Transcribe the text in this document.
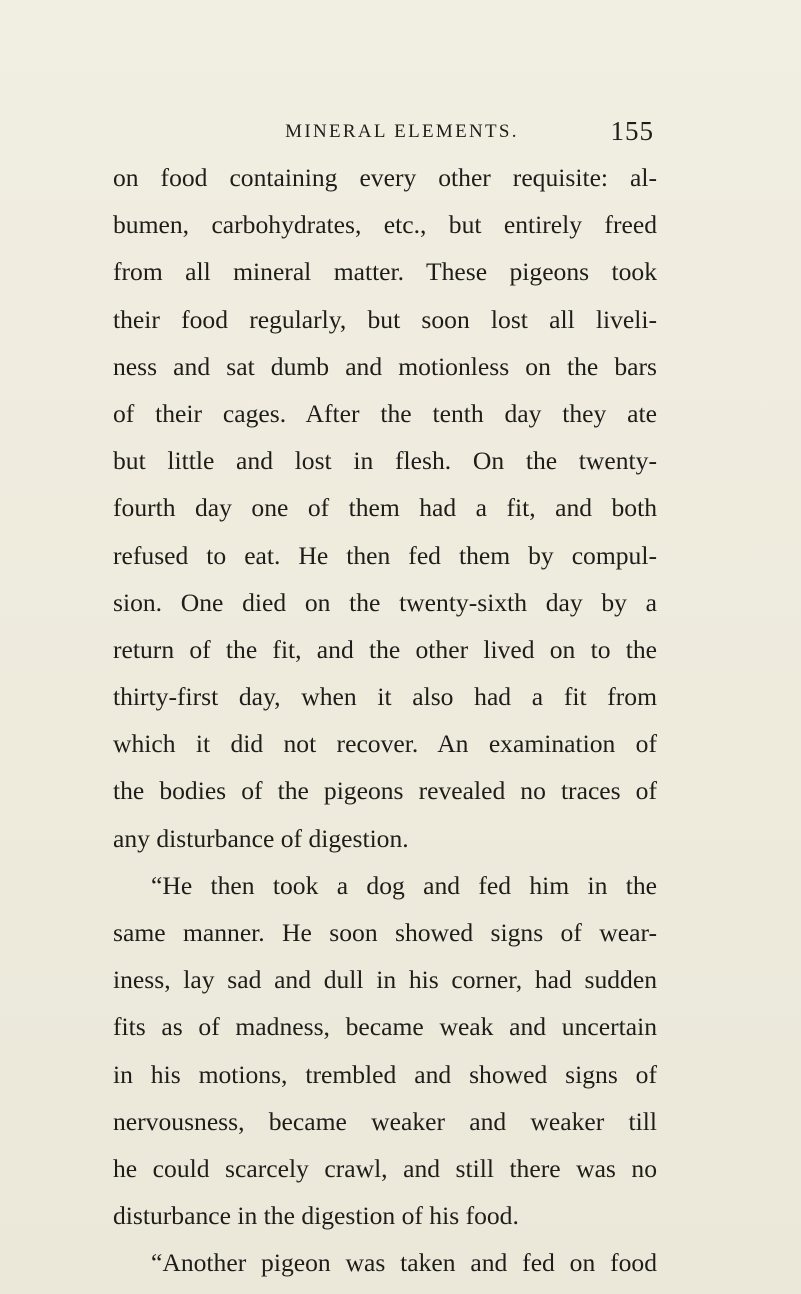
MINERAL ELEMENTS.	155
on food containing every other requisite: al-
bumen, carbohydrates, etc., but entirely freed
from all mineral matter. These pigeons took
their food regularly, but soon lost all liveli-
ness and sat dumb and motionless on the bars
of their cages. After the tenth day they ate
but little and lost in flesh. On the twenty-
fourth day one of them had a fit, and both
refused to eat. He then fed them by compul-
sion. One died on the twenty-sixth day by a
return of the fit, and the other lived on to the
thirty-first day, when it also had a fit from
which it did not recover. An examination of
the bodies of the pigeons revealed no traces of
any disturbance of digestion.
“He then took a dog and fed him in the
same manner. He soon showed signs of wear-
iness, lay sad and dull in his corner, had sudden
fits as of madness, became weak and uncertain
in his motions, trembled and showed signs of
nervousness, became weaker and weaker till
he could scarcely crawl, and still there was no
disturbance in the digestion of his food.
“Another pigeon was taken and fed on food
